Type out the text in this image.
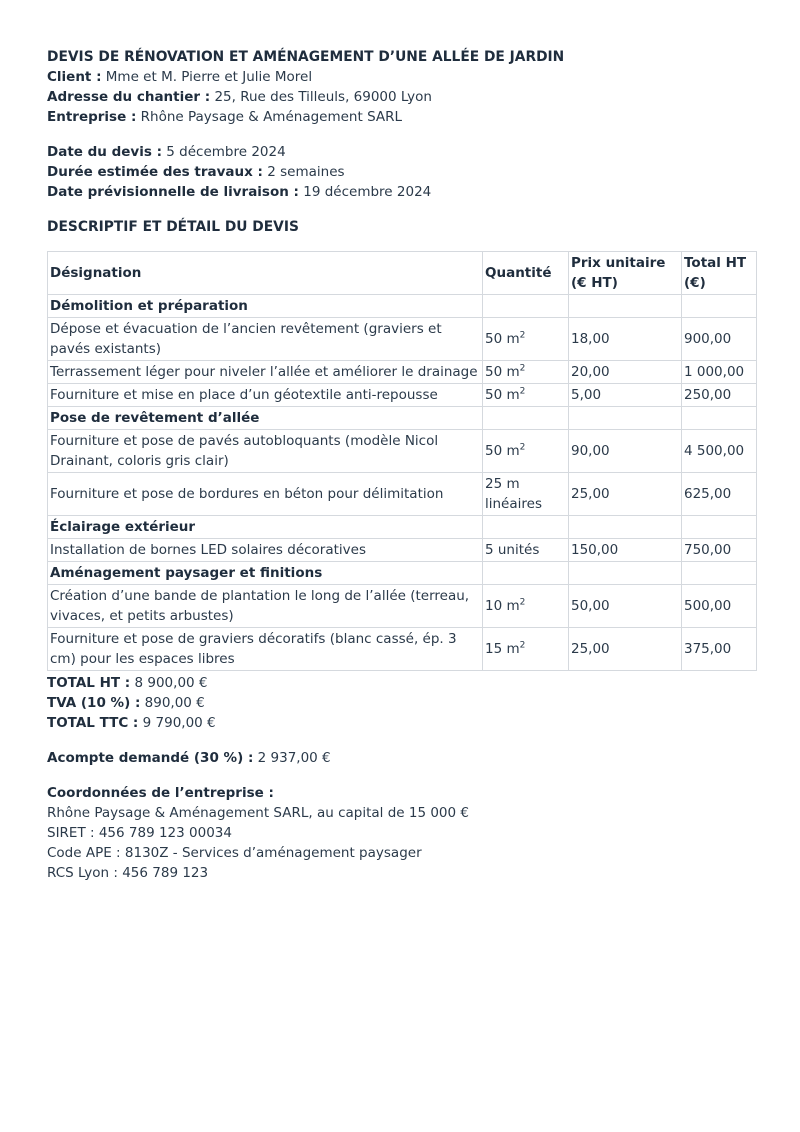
DEVIS DE RÉNOVATION ET AMÉNAGEMENT D’UNE ALLÉE DE JARDIN

Client : Mme et M. Pierre et Julie Morel

Adresse du chantier : 25, Rue des Tilleuls, 69000 Lyon

Entreprise : Rhône Paysage & Aménagement SARL

Date du devis : 5 décembre 2024

Durée estimée des travaux : 2 semaines

Date prévisionnelle de livraison : 19 décembre 2024

DESCRIPTIF ET DÉTAIL DU DEVIS

Désignation	Quantité	Prix unitaire (€ HT)	Total HT (€)
Démolition et préparation			
Dépose et évacuation de l’ancien revêtement (graviers et pavés existants)	50 $m^2$	18,00	900,00
Terrassement léger pour niveler l’allée et améliorer le drainage	50 $m^2$	20,00	1 000,00
Fourniture et mise en place d’un géotextile anti-repousse	50 $m^2$	5,00	250,00
Pose de revêtement d’allée			
Fourniture et pose de pavés autobloquants (modèle Nicol Drainant, coloris gris clair)	50 $m^2$	90,00	4 500,00
Fourniture et pose de bordures en béton pour délimitation	25 m linéaires	25,00	625,00
Éclairage extérieur			
Installation de bornes LED solaires décoratives	5 unités	150,00	750,00
Aménagement paysager et finitions			
Création d’une bande de plantation le long de l’allée (terreau, vivaces, et petits arbustes)	10 $m^2$	50,00	500,00
Fourniture et pose de graviers décoratifs (blanc cassé, ép. 3 cm) pour les espaces libres	15 $m^2$	25,00	375,00

TOTAL HT : 8 900,00 €

TVA (10 %) : 890,00 €

TOTAL TTC : 9 790,00 €

Acompte demandé (30 %) : 2 937,00 €

Coordonnées de l’entreprise :

Rhône Paysage & Aménagement SARL, au capital de 15 000 €

SIRET : 456 789 123 00034

Code APE : 8130Z - Services d’aménagement paysager

RCS Lyon : 456 789 123
